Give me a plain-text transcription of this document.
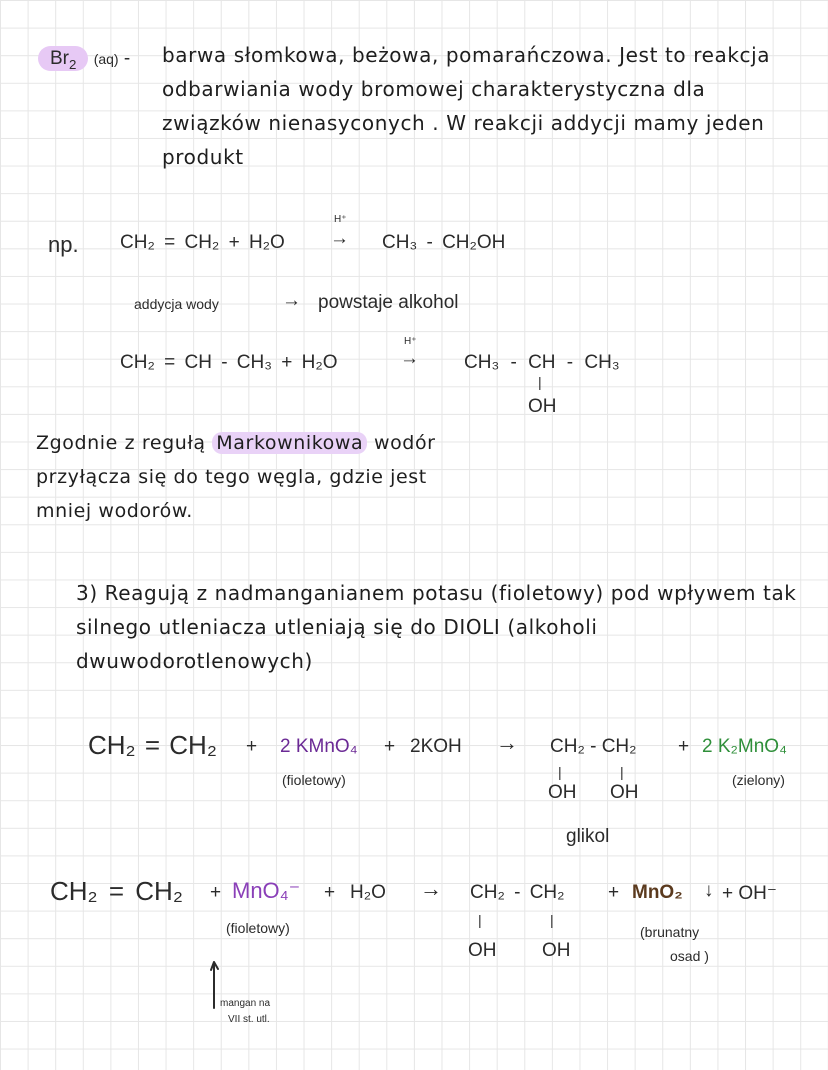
$Br_2$ (aq) - barwa słomkowa, beżowa, pomarańczowa. Jest to reakcja

odbarwiania wody bromowej charakterystyczna dla

związków nienasyconych . W reakcji addycji mamy jeden

produkt

np. CH₂ = CH₂ + H₂O
H⁺
→ CH₃ - CH₂OH
addycja wody	→ powstaje alkohol
CH₂ = CH - CH₃ + H₂O
H⁺
→ CH₃ - CH - CH₃
|
OH

Zgodnie z regułą Markownikowa wodór

przyłącza się do tego węgla, gdzie jest

mniej wodorów.

3) Reagują z nadmanganianem potasu (fioletowy) pod wpływem tak

silnego utleniacza utleniają się do DIOLI (alkoholi

dwuwodorotlenowych)

CH₂ = CH₂ + 2 KMnO₄
(fioletowy)
+ 2KOH → CH₂ - CH₂
|	|
OH OH
+ 2 K₂MnO₄
(zielony)
glikol
CH₂ = CH₂ + MnO₄⁻
(fioletowy)
+ H₂O → CH₂ - CH₂
|	|
OH OH
+ MnO₂ ↓ + OH⁻
(brunatny
osad )
mangan na
VII st. utl.
